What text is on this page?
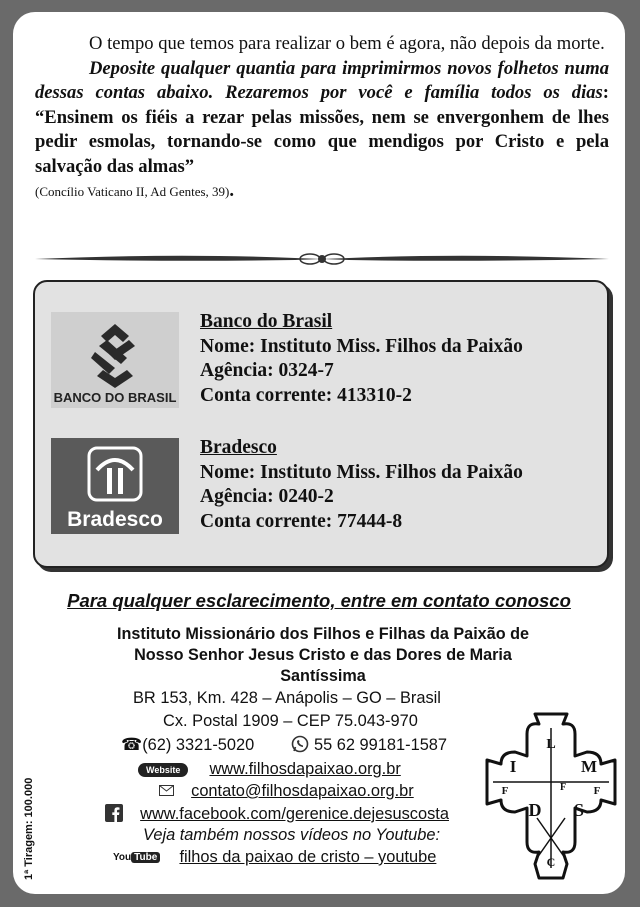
O tempo que temos para realizar o bem é agora, não depois da morte.

Deposite qualquer quantia para imprimirmos novos folhetos numa dessas contas abaixo. Rezaremos por você e família todos os dias: “Ensinem os fiéis a rezar pelas missões, nem se envergonhem de lhes pedir esmolas, tornando-se como que mendigos por Cristo e pela salvação das almas”

(Concílio Vaticano II, Ad Gentes, 39).

BANCO DO BRASIL
Banco do Brasil
Nome: Instituto Miss. Filhos da Paixão
Agência: 0324-7
Conta corrente: 413310-2
Bradesco
Bradesco
Nome: Instituto Miss. Filhos da Paixão
Agência: 0240-2
Conta corrente: 77444-8
Para qualquer esclarecimento, entre em contato conosco
Instituto Missionário dos Filhos e Filhas da Paixão de
Nosso Senhor Jesus Cristo e das Dores de Maria
Santíssima
BR 153, Km. 428 – Anápolis – GO – Brasil
Cx. Postal 1909 – CEP 75.043-970
☎(62) 3321-5020	55 62 99181-1587
Website www.filhosdapaixao.org.br
contato@filhosdapaixao.org.br
www.facebook.com/gerenice.dejesuscosta
Veja também nossos vídeos no Youtube:
You Tube filhos da paixao de cristo – youtube
1ª Tiragem: 100.000
L
I	M
F	F	F
D S
C
